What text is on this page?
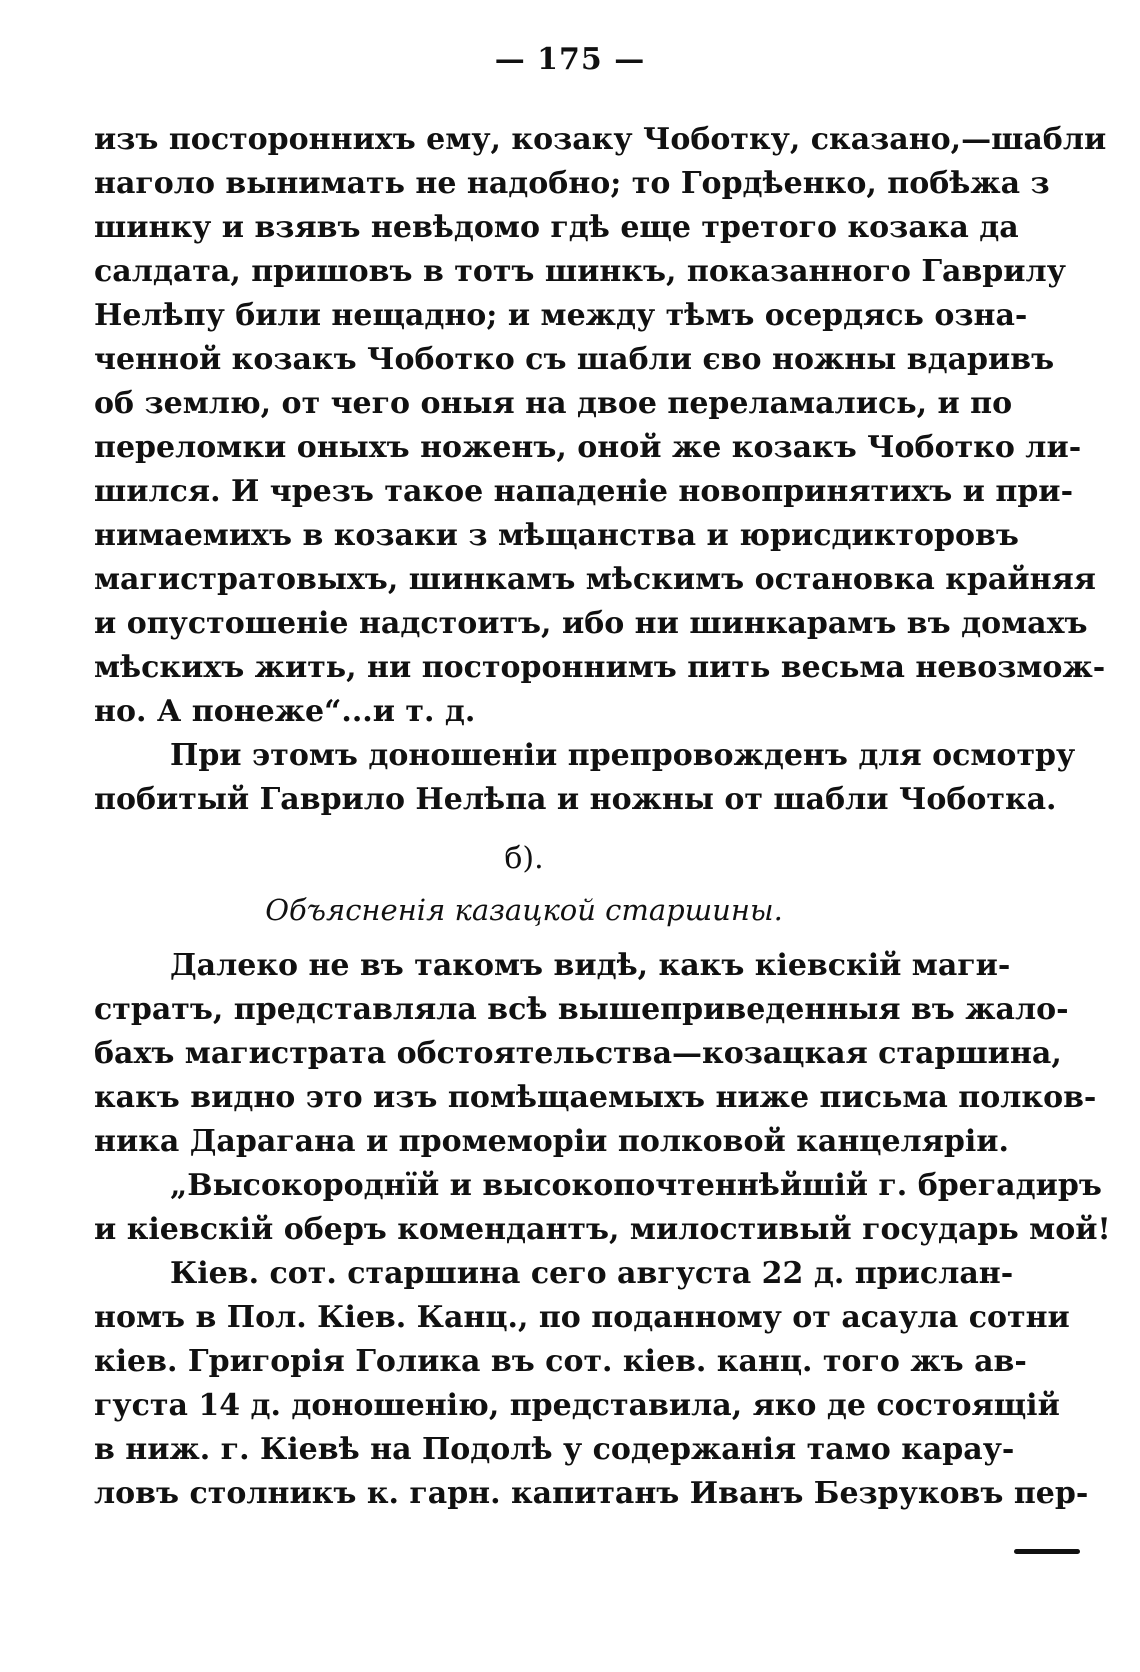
— 175 —
изъ постороннихъ ему, козаку Чоботку, сказано,—шабли
наголо вынимать не надобно; то Гордѣенко, побѣжа з
шинку и взявъ невѣдомо гдѣ еще третого козака да
салдата, пришовъ в тотъ шинкъ, показанного Гаврилу
Нелѣпу били нещадно; и между тѣмъ осердясь озна-
ченной козакъ Чоботко съ шабли єво ножны вдаривъ
об землю, от чего оныя на двое переламались, и по
переломки оныхъ ноженъ, оной же козакъ Чоботко ли-
шился. И чрезъ такое нападеніе новопринятихъ и при-
нимаемихъ в козаки з мѣщанства и юрисдикторовъ
магистратовыхъ, шинкамъ мѣскимъ остановка крайняя
и опустошеніе надстоитъ, ибо ни шинкарамъ въ домахъ
мѣскихъ жить, ни постороннимъ пить весьма невозмож-
но. А понеже“...и т. д.
При этомъ доношеніи препровожденъ для осмотру
побитый Гаврило Нелѣпа и ножны от шабли Чоботка.
б).
Объясненія казацкой старшины.
Далеко не въ такомъ видѣ, какъ кіевскій маги-
стратъ, представляла всѣ вышеприведенныя въ жало-
бахъ магистрата обстоятельства—козацкая старшина,
какъ видно это изъ помѣщаемыхъ ниже письма полков-
ника Дарагана и промеморіи полковой канцеляріи.
„Высокороднїй и высокопочтеннѣйшій г. брегадиръ
и кіевскій оберъ комендантъ, милостивый государь мой!
Кіев. сот. старшина сего августа 22 д. прислан-
номъ в Пол. Кіев. Канц., по поданному от асаула сотни
кіев. Григорія Голика въ сот. кіев. канц. того жъ ав-
густа 14 д. доношенію, представила, яко де состоящій
в ниж. г. Кіевѣ на Подолѣ у содержанія тамо карау-
ловъ столникъ к. гарн. капитанъ Иванъ Безруковъ пер-
